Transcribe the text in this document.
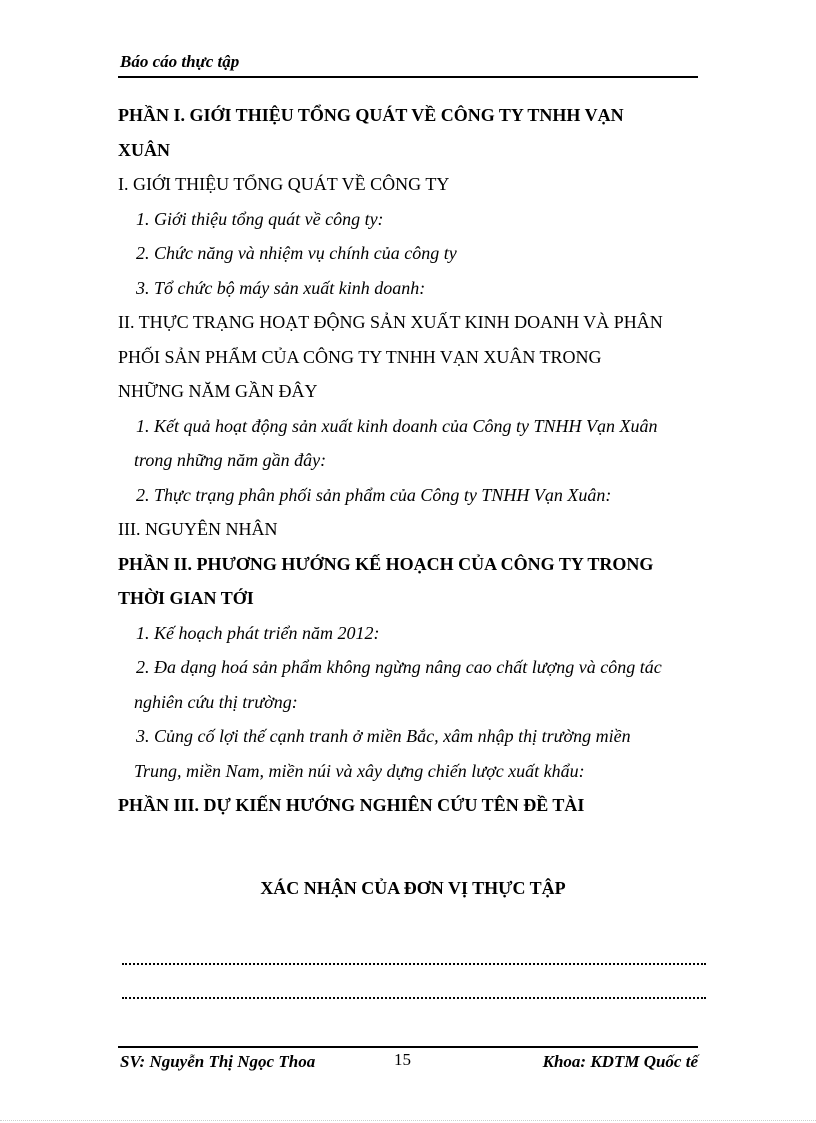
Báo cáo thực tập
PHẦN I. GIỚI THIỆU TỔNG QUÁT VỀ CÔNG TY TNHH VẠN
XUÂN
I. GIỚI THIỆU TỔNG QUÁT VỀ CÔNG TY
1. Giới thiệu tổng quát về công ty:
2. Chức năng và nhiệm vụ chính của công ty
3. Tổ chức bộ máy sản xuất kinh doanh:
II. THỰC TRẠNG HOẠT ĐỘNG SẢN XUẤT KINH DOANH VÀ PHÂN
PHỐI SẢN PHẨM CỦA CÔNG TY TNHH VẠN XUÂN TRONG
NHỮNG NĂM GẦN ĐÂY
1. Kết quả hoạt động sản xuất kinh doanh của Công ty TNHH Vạn Xuân
trong những năm gần đây:
2. Thực trạng phân phối sản phẩm của Công ty TNHH Vạn Xuân:
III. NGUYÊN NHÂN
PHẦN II. PHƯƠNG HƯỚNG KẾ HOẠCH CỦA CÔNG TY TRONG
THỜI GIAN TỚI
1. Kế hoạch phát triển năm 2012:
2. Đa dạng hoá sản phẩm không ngừng nâng cao chất lượng và công tác
nghiên cứu thị trường:
3. Củng cố lợi thế cạnh tranh ở miền Bắc, xâm nhập thị trường miền
Trung, miền Nam, miền núi và xây dựng chiến lược xuất khẩu:
PHẦN III. DỰ KIẾN HƯỚNG NGHIÊN CỨU TÊN ĐỀ TÀI
XÁC NHẬN CỦA ĐƠN VỊ THỰC TẬP
SV: Nguyễn Thị Ngọc Thoa	15	Khoa: KDTM Quốc tế
